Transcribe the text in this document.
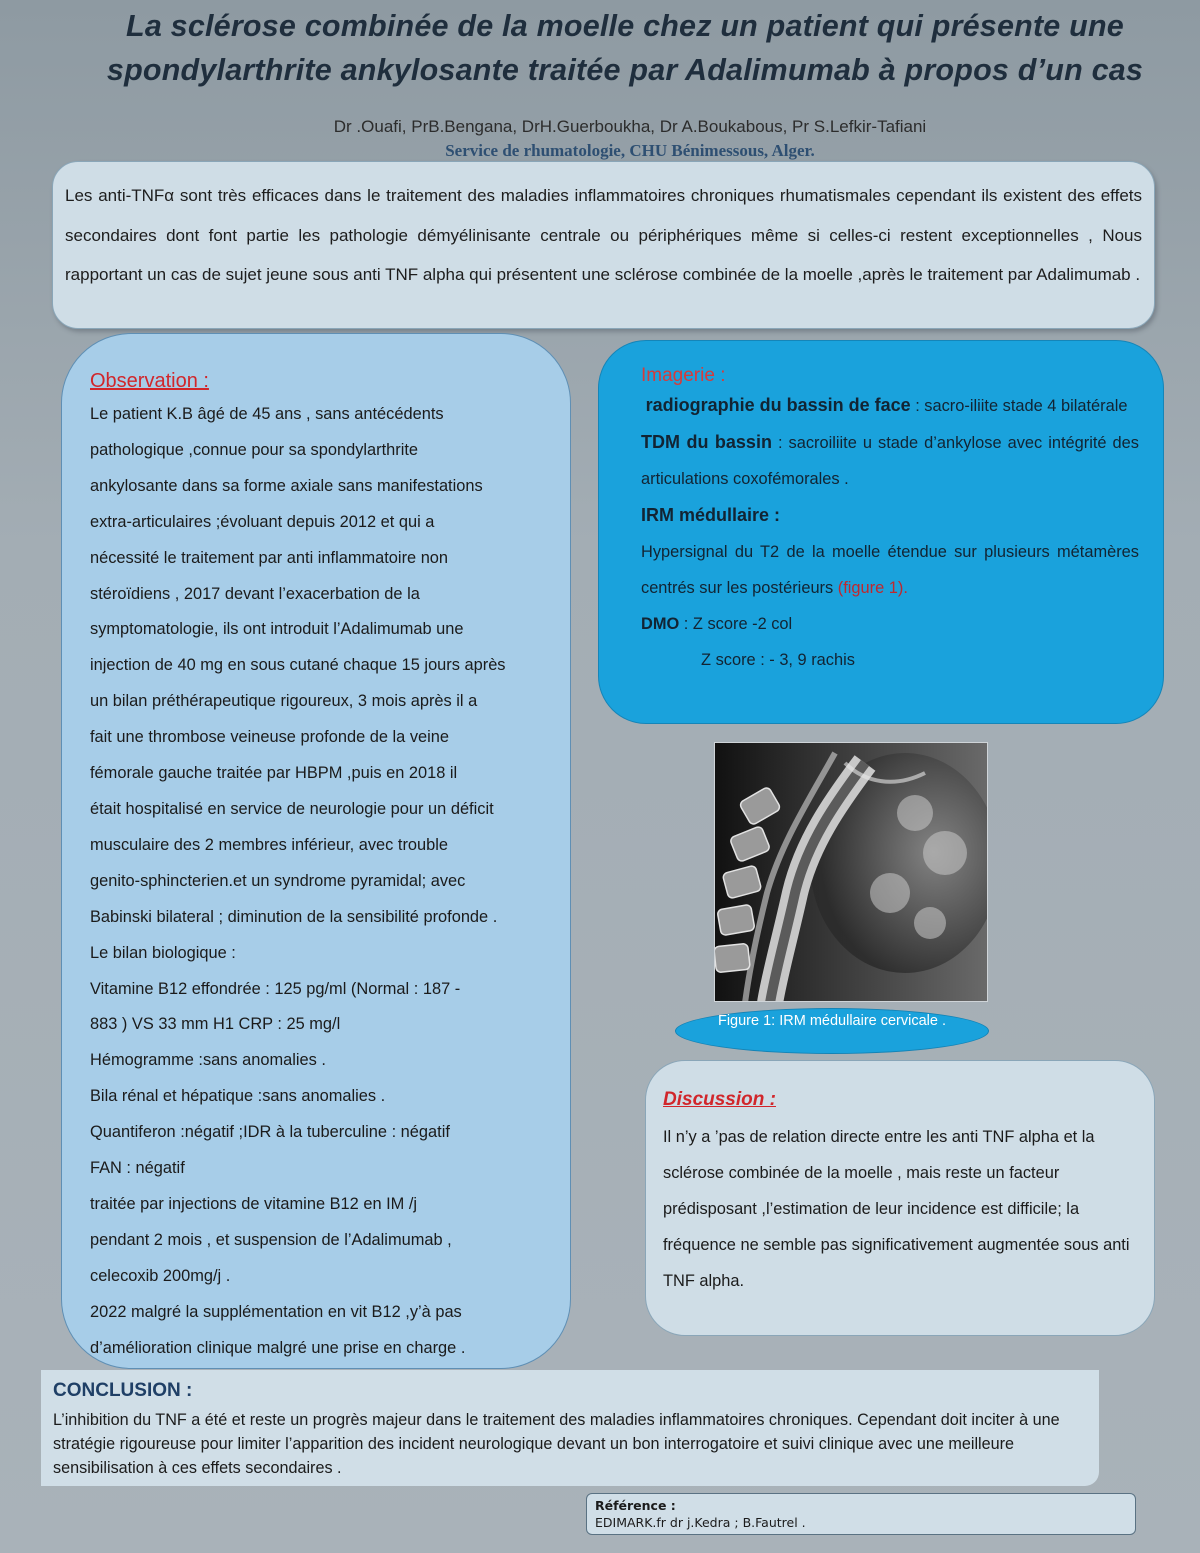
La sclérose combinée de la moelle chez un patient qui présente une
spondylarthrite ankylosante traitée par Adalimumab à propos d’un cas
Dr .Ouafi, PrB.Bengana, DrH.Guerboukha, Dr A.Boukabous, Pr S.Lefkir-Tafiani
Service de rhumatologie, CHU Bénimessous, Alger.

Les anti-TNFα sont très efficaces dans le traitement des maladies inflammatoires chroniques rhumatismales cependant ils existent des effets secondaires dont font partie les pathologie démyélinisante centrale ou périphériques même si celles-ci restent exceptionnelles , Nous rapportant un cas de sujet jeune sous anti TNF alpha qui présentent une sclérose combinée de la moelle ,après le traitement par Adalimumab .

Observation :

Le patient K.B âgé de 45 ans , sans antécédents
pathologique ,connue pour sa spondylarthrite
ankylosante dans sa forme axiale sans manifestations
extra-articulaires ;évoluant depuis 2012 et qui a
nécessité le traitement par anti inflammatoire non
stéroïdiens , 2017 devant l’exacerbation de la
symptomatologie, ils ont introduit l’Adalimumab une
injection de 40 mg en sous cutané chaque 15 jours après
un bilan préthérapeutique rigoureux, 3 mois après il a
fait une thrombose veineuse profonde de la veine
fémorale gauche traitée par HBPM ,puis en 2018 il
était hospitalisé en service de neurologie pour un déficit
musculaire des 2 membres inférieur, avec trouble
genito-sphincterien.et un syndrome pyramidal; avec
Babinski bilateral ; diminution de la sensibilité profonde .
Le bilan biologique :
Vitamine B12 effondrée : 125 pg/ml (Normal : 187 -
883 ) VS 33 mm H1 CRP : 25 mg/l
Hémogramme :sans anomalies .
Bila rénal et hépatique :sans anomalies .
Quantiferon :négatif ;IDR à la tuberculine : négatif
FAN : négatif
traitée par injections de vitamine B12 en IM /j
pendant 2 mois , et suspension de l’Adalimumab ,
celecoxib 200mg/j .
2022 malgré la supplémentation en vit B12 ,y’à pas
d’amélioration clinique malgré une prise en charge .

Imagerie :

radiographie du bassin de face : sacro-iliite stade 4 bilatérale

TDM du bassin : sacroiliite u stade d’ankylose avec intégrité des articulations coxofémorales .

IRM médullaire :

Hypersignal du T2 de la moelle étendue sur plusieurs métamères centrés sur les postérieurs (figure 1).

DMO : Z score -2 col

Z score : - 3, 9 rachis

Figure 1: IRM médullaire cervicale .

Discussion :

Il n’y a ’pas de relation directe entre les anti TNF alpha et la sclérose combinée de la moelle , mais reste un facteur prédisposant ,l’estimation de leur incidence est difficile; la fréquence ne semble pas significativement augmentée sous anti TNF alpha.

CONCLUSION :

L’inhibition du TNF a été et reste un progrès majeur dans le traitement des maladies inflammatoires chroniques. Cependant doit inciter à une stratégie rigoureuse pour limiter l’apparition des incident neurologique devant un bon interrogatoire et suivi clinique avec une meilleure sensibilisation à ces effets secondaires .

Référence :

EDIMARK.fr dr j.Kedra ; B.Fautrel .
